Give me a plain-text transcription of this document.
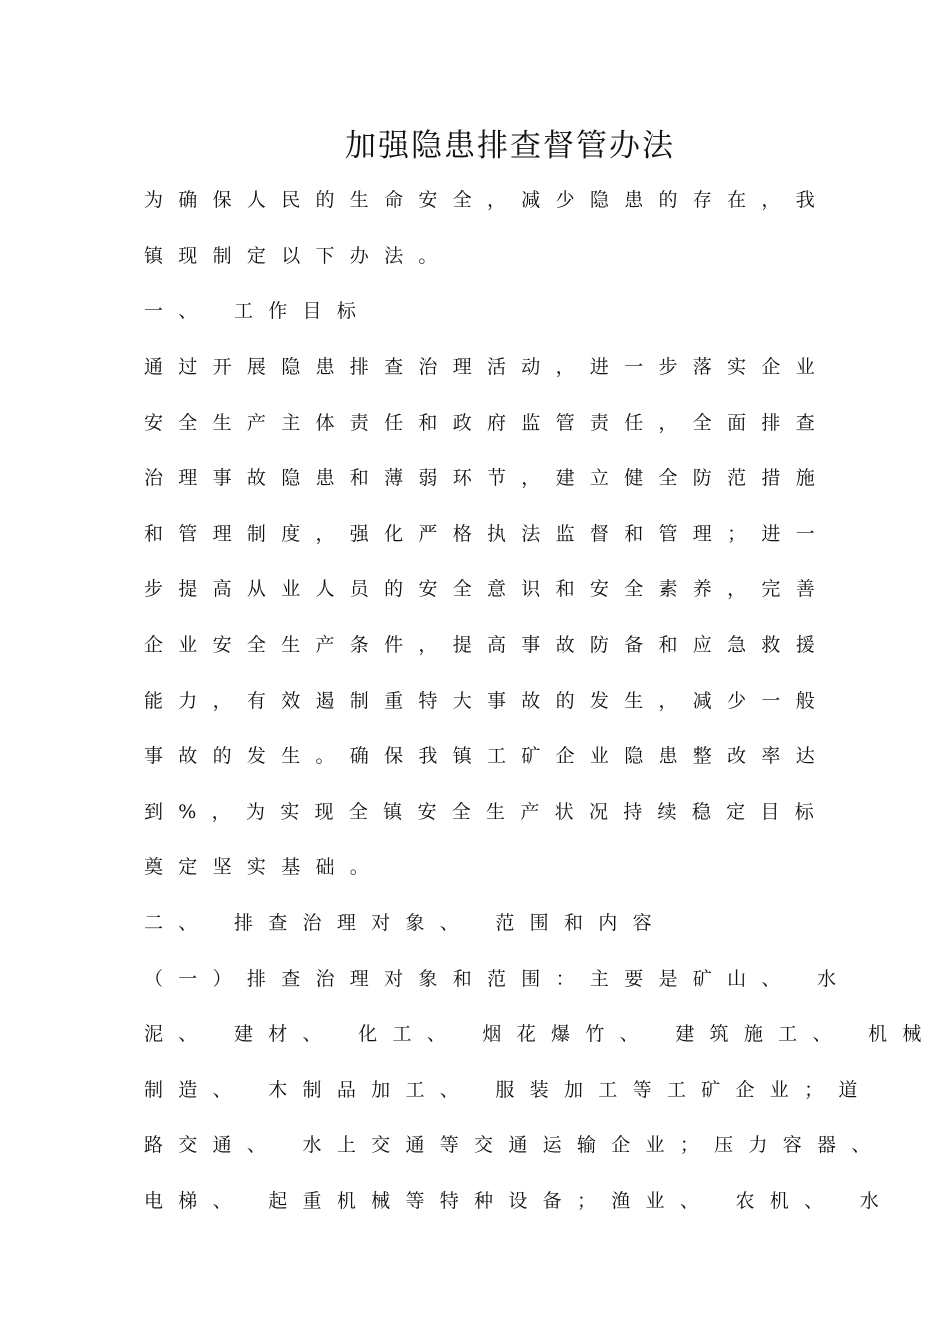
加强隐患排查督管办法
为确保人民的生命安全，减少隐患的存在，我
镇现制定以下办法。
一、 工作目标
通过开展隐患排查治理活动，进一步落实企业
安全生产主体责任和政府监管责任，全面排查
治理事故隐患和薄弱环节，建立健全防范措施
和管理制度，强化严格执法监督和管理；进一
步提高从业人员的安全意识和安全素养，完善
企业安全生产条件，提高事故防备和应急救援
能力，有效遏制重特大事故的发生，减少一般
事故的发生。确保我镇工矿企业隐患整改率达
到%，为实现全镇安全生产状况持续稳定目标
奠定坚实基础。
二、 排查治理对象、 范围和内容
（一）排查治理对象和范围：主要是矿山、 水
泥、 建材、 化工、 烟花爆竹、 建筑施工、 机械
制造、 木制品加工、 服装加工等工矿企业；道
路交通、 水上交通等交通运输企业；压力容器、
电梯、 起重机械等特种设备；渔业、 农机、 水
